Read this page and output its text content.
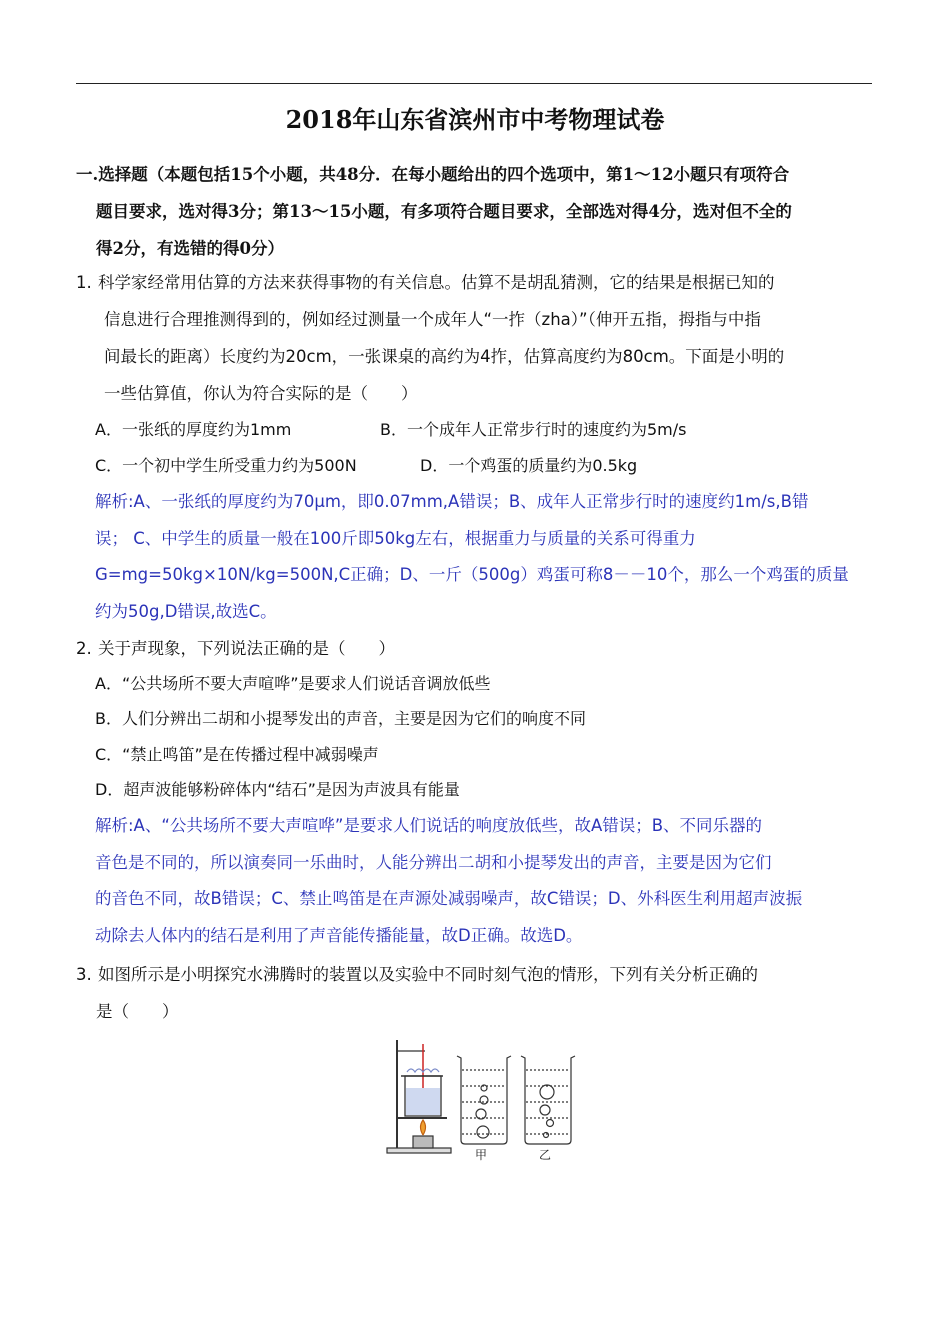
2018年山东省滨州市中考物理试卷
一.选择题（本题包括15个小题，共48分．在每小题给出的四个选项中，第1～12小题只有项符合
题目要求，选对得3分；第13～15小题，有多项符合题目要求，全部选对得4分，选对但不全的
得2分，有选错的得0分）
1. 科学家经常用估算的方法来获得事物的有关信息。估算不是胡乱猜测，它的结果是根据已知的
信息进行合理推测得到的，例如经过测量一个成年人“一拃（zha）”（伸开五指，拇指与中指
间最长的距离）长度约为20cm，一张课桌的高约为4拃，估算高度约为80cm。下面是小明的
一些估算值，你认为符合实际的是（　　）
A．一张纸的厚度约为1mm	B．一个成年人正常步行时的速度约为5m/s
C．一个初中学生所受重力约为500N	D．一个鸡蛋的质量约为0.5kg
解析:A、一张纸的厚度约为70μm，即0.07mm,A错误；B、成年人正常步行时的速度约1m/s,B错
误； C、中学生的质量一般在100斤即50kg左右，根据重力与质量的关系可得重力
G=mg=50kg×10N/kg=500N,C正确；D、一斤（500g）鸡蛋可称8－－10个，那么一个鸡蛋的质量
约为50g,D错误,故选C。
2. 关于声现象，下列说法正确的是（　　）
A．“公共场所不要大声喧哗”是要求人们说话音调放低些
B．人们分辨出二胡和小提琴发出的声音，主要是因为它们的响度不同
C．“禁止鸣笛”是在传播过程中减弱噪声
D．超声波能够粉碎体内“结石”是因为声波具有能量
解析:A、“公共场所不要大声喧哗”是要求人们说话的响度放低些，故A错误；B、不同乐器的
音色是不同的，所以演奏同一乐曲时，人能分辨出二胡和小提琴发出的声音，主要是因为它们
的音色不同，故B错误；C、禁止鸣笛是在声源处减弱噪声，故C错误；D、外科医生利用超声波振
动除去人体内的结石是利用了声音能传播能量，故D正确。故选D。
3. 如图所示是小明探究水沸腾时的装置以及实验中不同时刻气泡的情形，下列有关分析正确的
是（　　）
甲	乙
